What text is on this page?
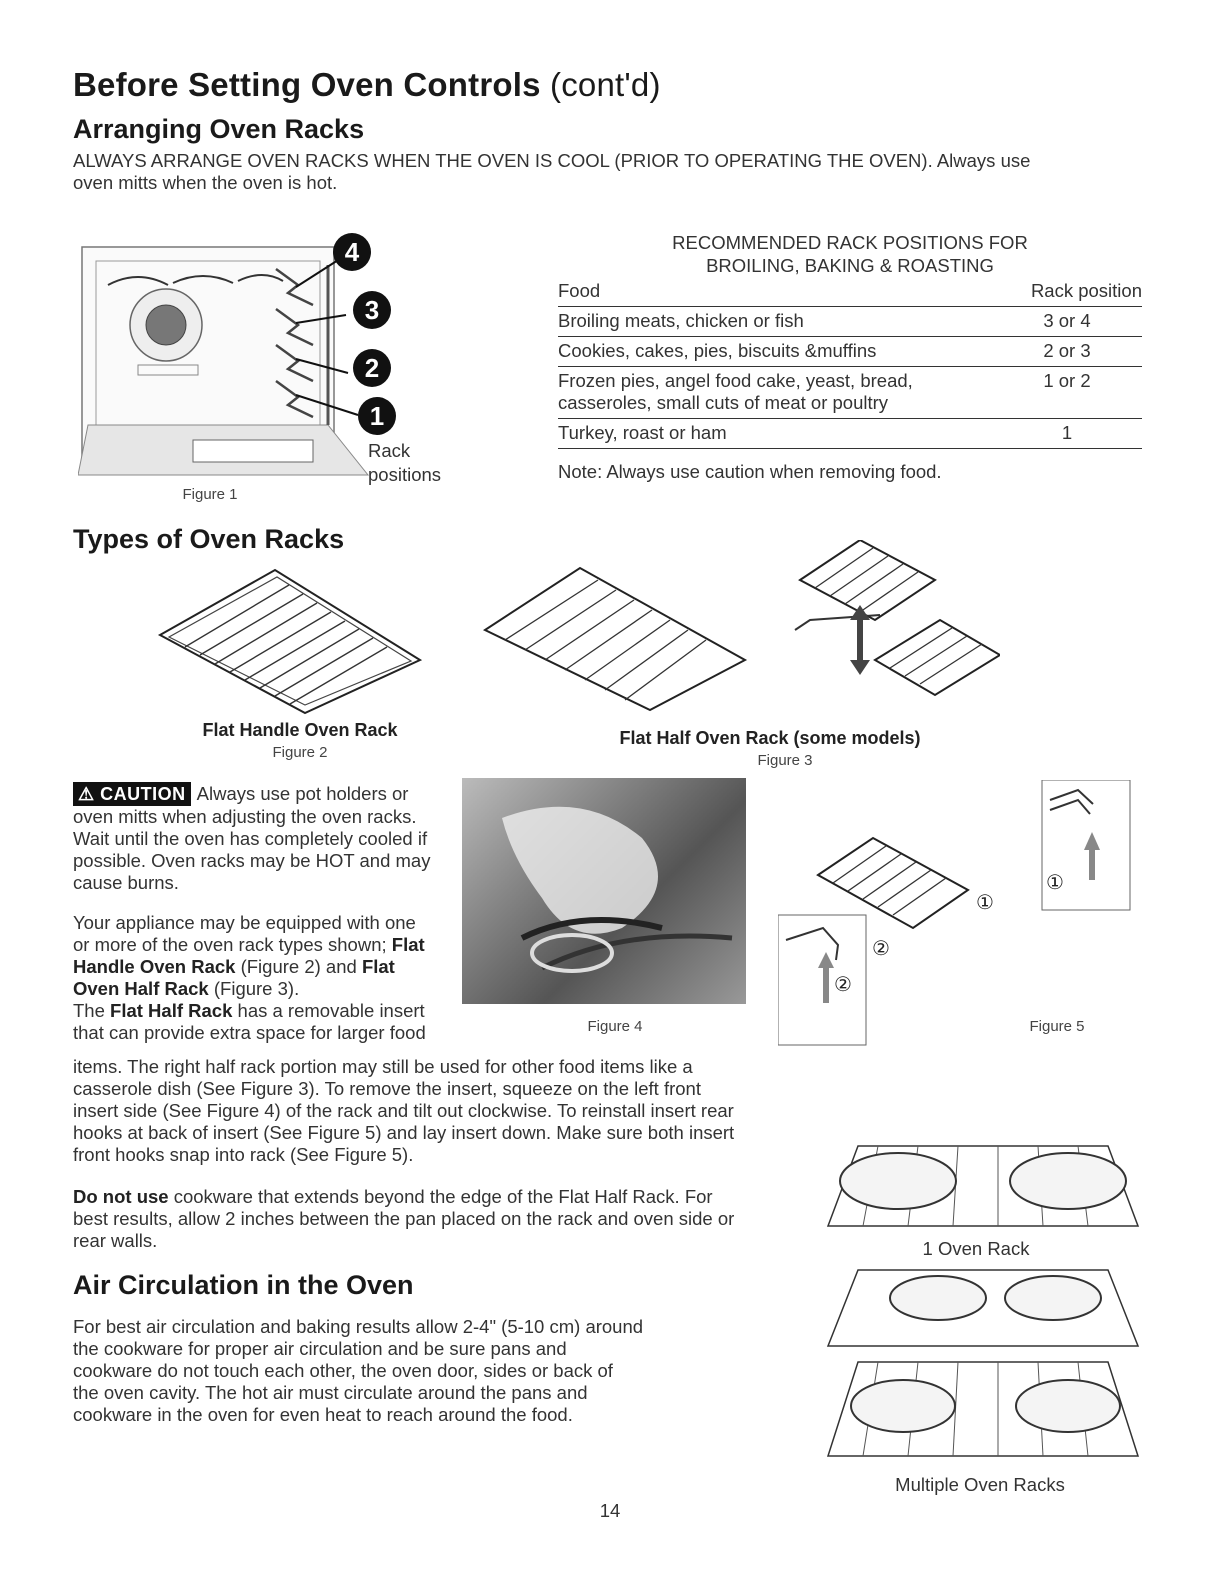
Before Setting Oven Controls (cont'd)
Arranging Oven Racks

ALWAYS ARRANGE OVEN RACKS WHEN THE OVEN IS COOL (PRIOR TO OPERATING THE OVEN). Always use

oven mitts when the oven is hot.

4
3
2
1
Rack
positions
Figure 1
RECOMMENDED RACK POSITIONS FOR
BROILING, BAKING & ROASTING
Food	Rack position
Broiling meats, chicken or fish	3 or 4
Cookies, cakes, pies, biscuits &muffins	2 or 3

Frozen pies, angel food cake, yeast, bread,
casseroles, small cuts of meat or poultry	1 or 2
Turkey, roast or ham	1

Note: Always use caution when removing food.

Types of Oven Racks
Flat Handle Oven Rack
Figure 2
Flat Half Oven Rack (some models)
Figure 3

⚠ CAUTION Always use pot holders or

oven mitts when adjusting the oven racks.

Wait until the oven has completely cooled if

possible. Oven racks may be HOT and may

cause burns.

Your appliance may be equipped with one

or more of the oven rack types shown; Flat

Handle Oven Rack (Figure 2) and Flat

Oven Half Rack (Figure 3).

The Flat Half Rack has a removable insert

that can provide extra space for larger food

items. The right half rack portion may still be used for other food items like a

casserole dish (See Figure 3). To remove the insert, squeeze on the left front

insert side (See Figure 4) of the rack and tilt out clockwise. To reinstall insert rear

hooks at back of insert (See Figure 5) and lay insert down. Make sure both insert

front hooks snap into rack (See Figure 5).

Do not use cookware that extends beyond the edge of the Flat Half Rack. For

best results, allow 2 inches between the pan placed on the rack and oven side or

rear walls.

Figure 4
①
①
②
②
Figure 5
1 Oven Rack
Multiple Oven Racks
Air Circulation in the Oven

For best air circulation and baking results allow 2-4" (5-10 cm) around

the cookware for proper air circulation and be sure pans and

cookware do not touch each other, the oven door, sides or back of

the oven cavity. The hot air must circulate around the pans and

cookware in the oven for even heat to reach around the food.

14
